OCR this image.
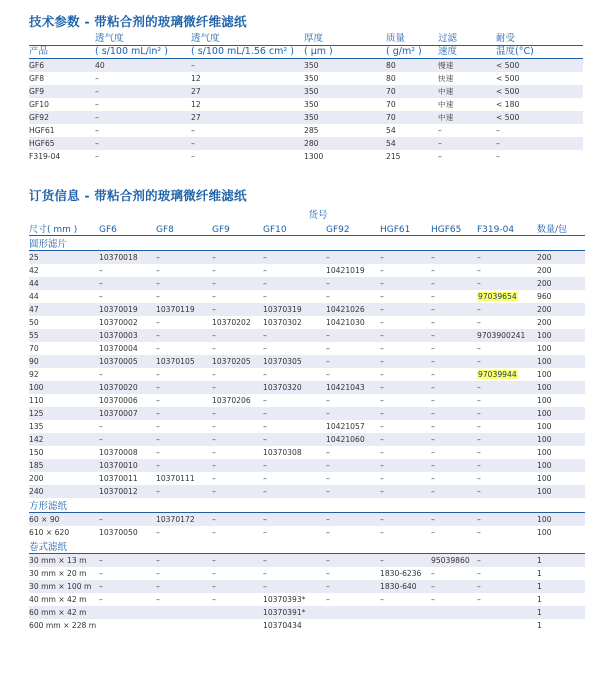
技术参数 - 带粘合剂的玻璃微纤维滤纸
	透气度	透气度	厚度	质量	过滤	耐受
产品	( s/100 mL/in² )	( s/100 mL/1.56 cm² )	( μm )	( g/m² )	速度	温度(°C)
GF6	40	–	350	80	慢速	< 500
GF8	–	12	350	80	快速	< 500
GF9	–	27	350	70	中速	< 500
GF10	–	12	350	70	中速	< 180
GF92	–	27	350	70	中速	< 500
HGF61	–	–	285	54	–	–
HGF65	–	–	280	54	–	–
F319-04	–	–	1300	215	–	–
订货信息 - 带粘合剂的玻璃微纤维滤纸
	货号								
尺寸( mm )	GF6	GF8	GF9	GF10	GF92	HGF61	HGF65	F319-04	数量/包
圆形滤片									
25	10370018	–	–	–	–	–	–	–	200
42	–	–	–	–	10421019	–	–	–	200
44	–	–	–	–	–	–	–	–	200
44	–	–	–	–	–	–	–	97039654	960
47	10370019	10370119	–	10370319	10421026	–	–	–	200
50	10370002	–	10370202	10370302	10421030	–	–	–	200
55	10370003	–	–	–	–	–	–	9703900241	100
70	10370004	–	–	–	–	–	–	–	100
90	10370005	10370105	10370205	10370305	–	–	–	–	100
92	–	–	–	–	–	–	–	97039944	100
100	10370020	–	–	10370320	10421043	–	–	–	100
110	10370006	–	10370206	–	–	–	–	–	100
125	10370007	–	–	–	–	–	–	–	100
135	–	–	–	–	10421057	–	–	–	100
142	–	–	–	–	10421060	–	–	–	100
150	10370008	–	–	10370308	–	–	–	–	100
185	10370010	–	–	–	–	–	–	–	100
200	10370011	10370111	–	–	–	–	–	–	100
240	10370012	–	–	–	–	–	–	–	100
方形滤纸									
60 × 90	–	10370172	–	–	–	–	–	–	100
610 × 620	10370050	–	–	–	–	–	–	–	100
卷式滤纸									
30 mm × 13 m	–	–	–	–	–	–	95039860	–	1
30 mm × 20 m	–	–	–	–	–	1830-6236	–	–	1
30 mm × 100 m	–	–	–	–	–	1830-640	–	–	1
40 mm × 42 m	–	–	–	10370393*	–	–	–	–	1
60 mm × 42 m				10370391*					1
600 mm × 228 m				10370434					1
